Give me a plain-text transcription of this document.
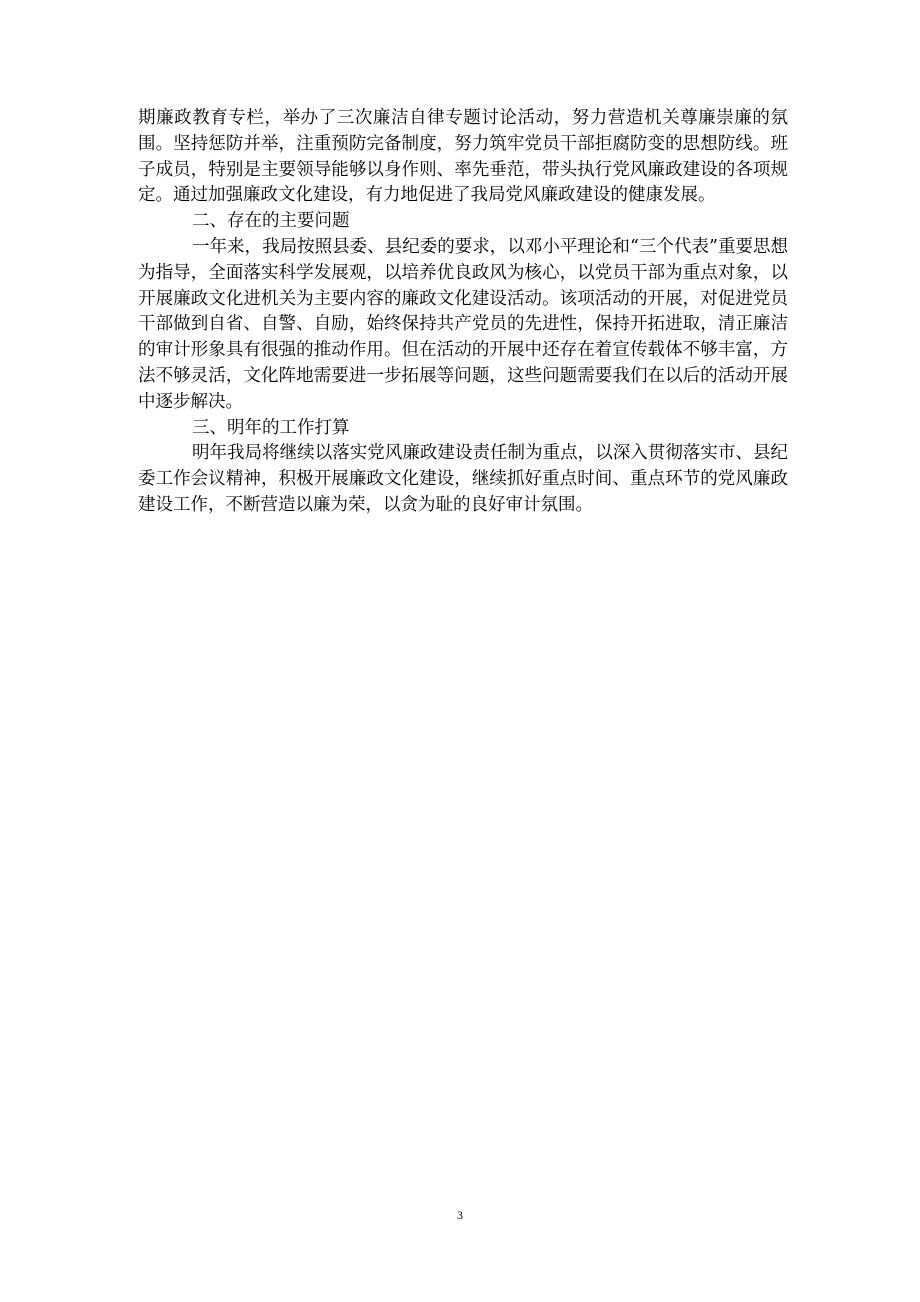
期廉政教育专栏，举办了三次廉洁自律专题讨论活动，努力营造机关尊廉崇廉的氛围。坚持惩防并举，注重预防完备制度，努力筑牢党员干部拒腐防变的思想防线。班子成员，特别是主要领导能够以身作则、率先垂范，带头执行党风廉政建设的各项规定。通过加强廉政文化建设，有力地促进了我局党风廉政建设的健康发展。

二、存在的主要问题

一年来，我局按照县委、县纪委的要求，以邓小平理论和“三个代表”重要思想为指导，全面落实科学发展观，以培养优良政风为核心，以党员干部为重点对象，以开展廉政文化进机关为主要内容的廉政文化建设活动。该项活动的开展，对促进党员干部做到自省、自警、自励，始终保持共产党员的先进性，保持开拓进取，清正廉洁的审计形象具有很强的推动作用。但在活动的开展中还存在着宣传载体不够丰富，方法不够灵活，文化阵地需要进一步拓展等问题，这些问题需要我们在以后的活动开展中逐步解决。

三、明年的工作打算

明年我局将继续以落实党风廉政建设责任制为重点，以深入贯彻落实市、县纪委工作会议精神，积极开展廉政文化建设，继续抓好重点时间、重点环节的党风廉政建设工作，不断营造以廉为荣，以贪为耻的良好审计氛围。

3
